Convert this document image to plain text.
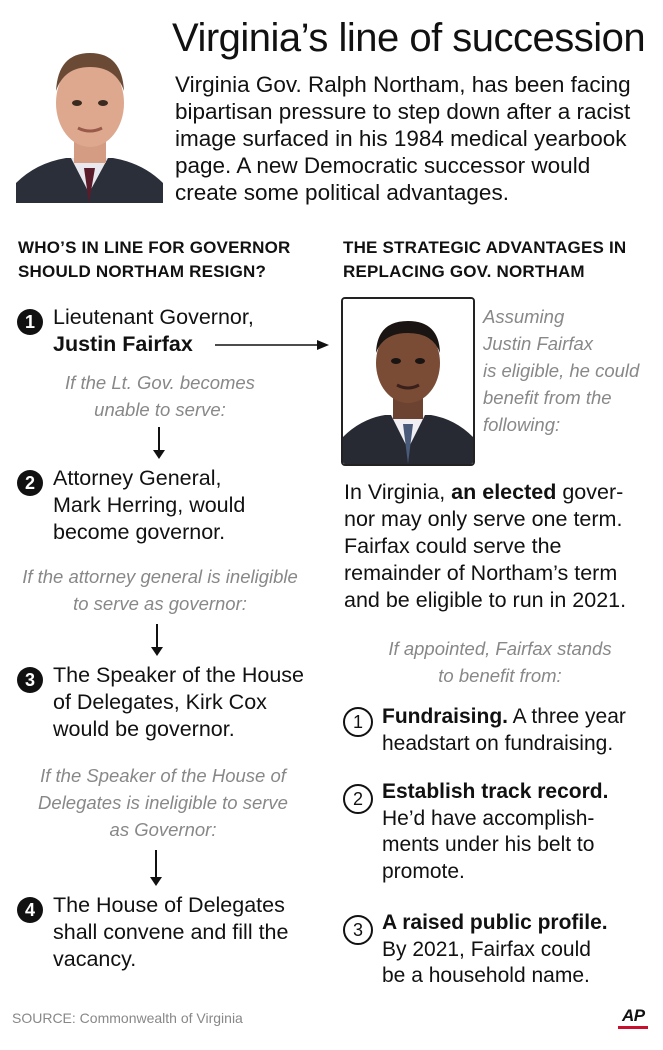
Virginia’s line of succession
Virginia Gov. Ralph Northam, has been facing bipartisan pressure to step down after a racist image surfaced in his 1984 medical yearbook page. A new Democratic successor would create some political advantages.
WHO’S IN LINE FOR GOVERNOR
SHOULD NORTHAM RESIGN?
THE STRATEGIC ADVANTAGES IN
REPLACING GOV. NORTHAM
1 Lieutenant Governor,
Justin Fairfax
If the Lt. Gov. becomes
unable to serve:
2 Attorney General,
Mark Herring, would
become governor.
If the attorney general is ineligible
to serve as governor:
3 The Speaker of the House
of Delegates, Kirk Cox
would be governor.
If the Speaker of the House of
Delegates is ineligible to serve
as Governor:
4 The House of Delegates
shall convene and fill the
vacancy.
Assuming
Justin Fairfax
is eligible, he could
benefit from the
following:
In Virginia, an elected gover-
nor may only serve one term.
Fairfax could serve the
remainder of Northam’s term
and be eligible to run in 2021.
If appointed, Fairfax stands
to benefit from:
1 Fundraising. A three year
headstart on fundraising.
2 Establish track record.
He’d have accomplish-
ments under his belt to
promote.
3 A raised public profile.
By 2021, Fairfax could
be a household name.
SOURCE: Commonwealth of Virginia	AP
